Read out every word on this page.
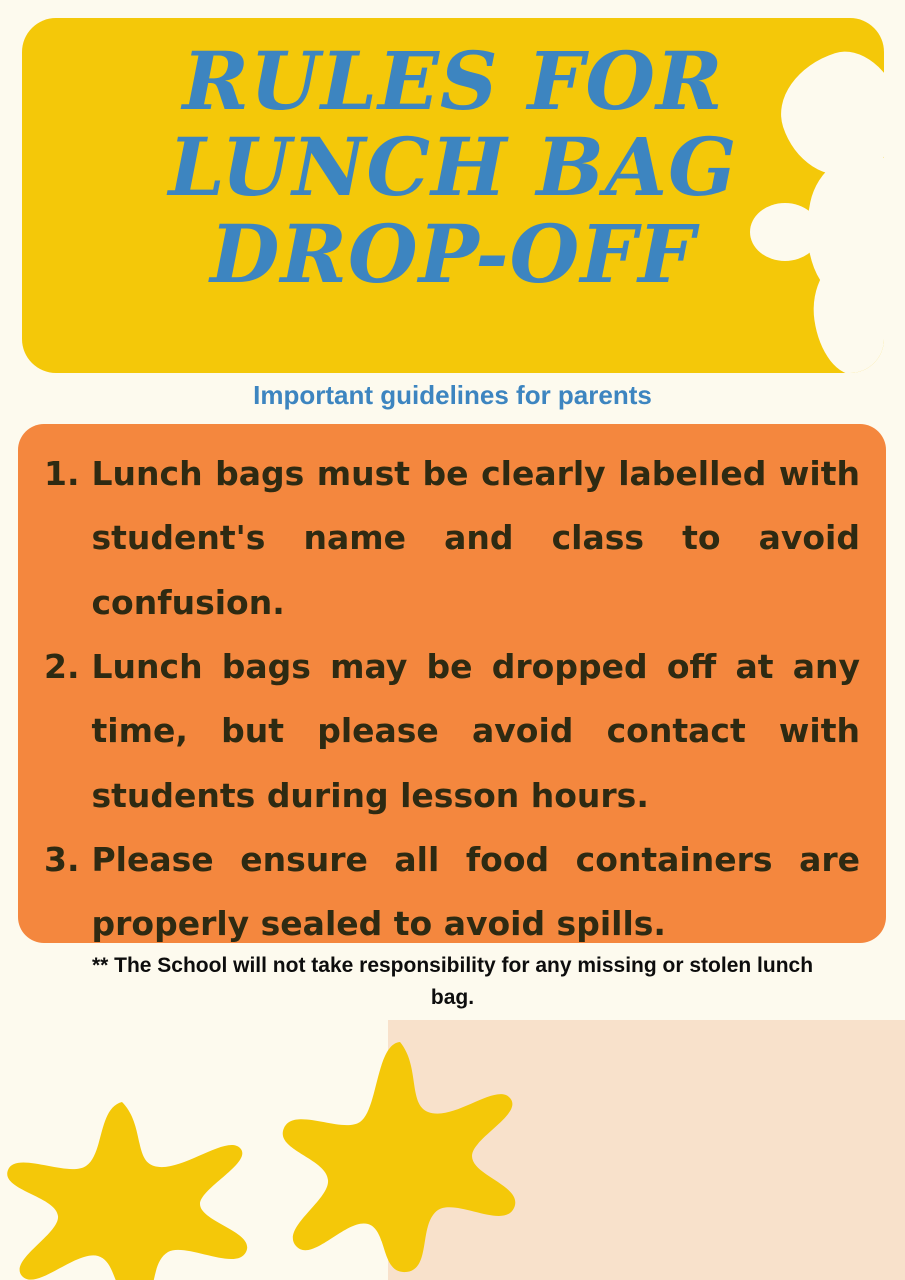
RULES FOR
LUNCH BAG
DROP-OFF
Important guidelines for parents
1. Lunch bags must be clearly labelled with student's name and class to avoid confusion.
2. Lunch bags may be dropped off at any time, but please avoid contact with students during lesson hours.
3. Please ensure all food containers are properly sealed to avoid spills.
** The School will not take responsibility for any missing or stolen lunch bag.
